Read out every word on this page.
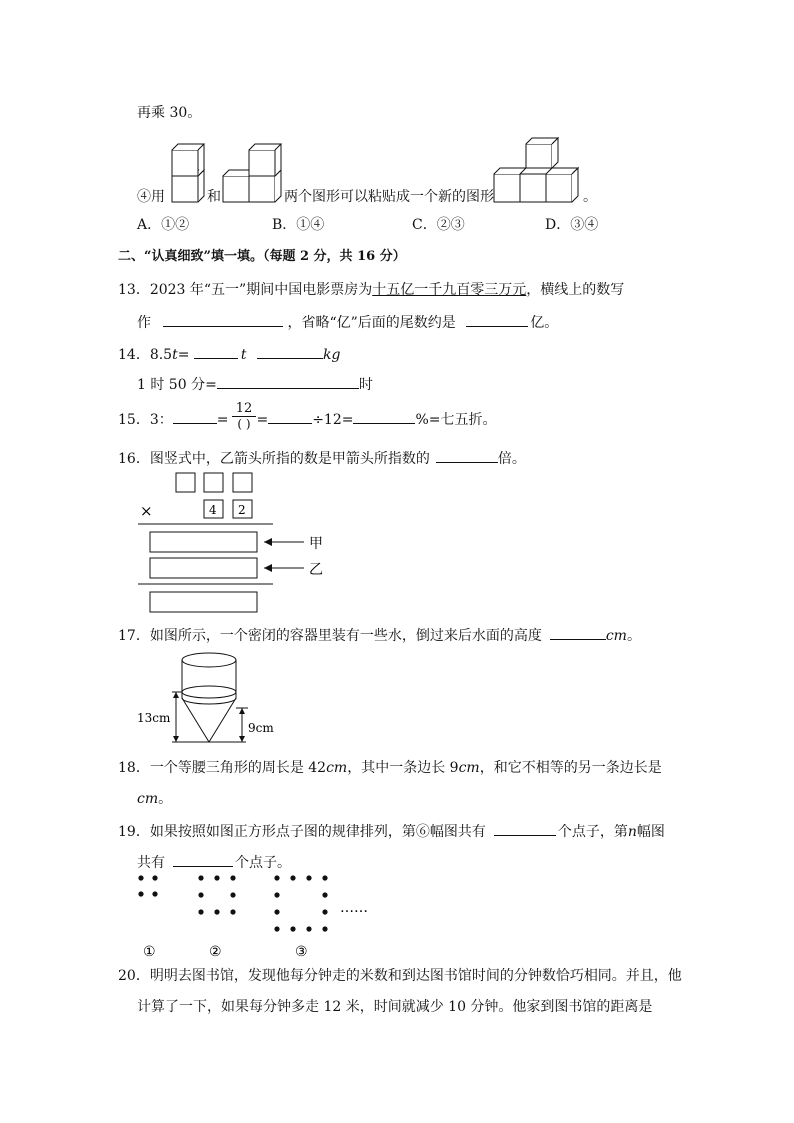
再乘 30。
④用	和	两个图形可以粘贴成一个新的图形	。
A．①②	B．①④	C．②③	D．③④
二、“认真细致”填一填。（每题 2 分，共 16 分）
13．2023 年“五一”期间中国电影票房为十五亿一千九百零三万元，横线上的数写
作	，省略“亿”后面的尾数约是	亿。
14．8.5t=	t	kg
1 时 50 分=	时
15．3：	= =	÷12=	%=七五折。
12
( )
16．图竖式中，乙箭头所指的数是甲箭头所指数的	倍。
×	4 2
甲
乙
17．如图所示，一个密闭的容器里装有一些水，倒过来后水面的高度	cm。
13cm
9cm
18．一个等腰三角形的周长是 42cm，其中一条边长 9cm，和它不相等的另一条边长是
cm。
19．如果按照如图正方形点子图的规律排列，第⑥幅图共有	个点子，第n幅图
共有	个点子。
……
①	②	③
20．明明去图书馆，发现他每分钟走的米数和到达图书馆时间的分钟数恰巧相同。并且，他
计算了一下，如果每分钟多走 12 米，时间就减少 10 分钟。他家到图书馆的距离是
